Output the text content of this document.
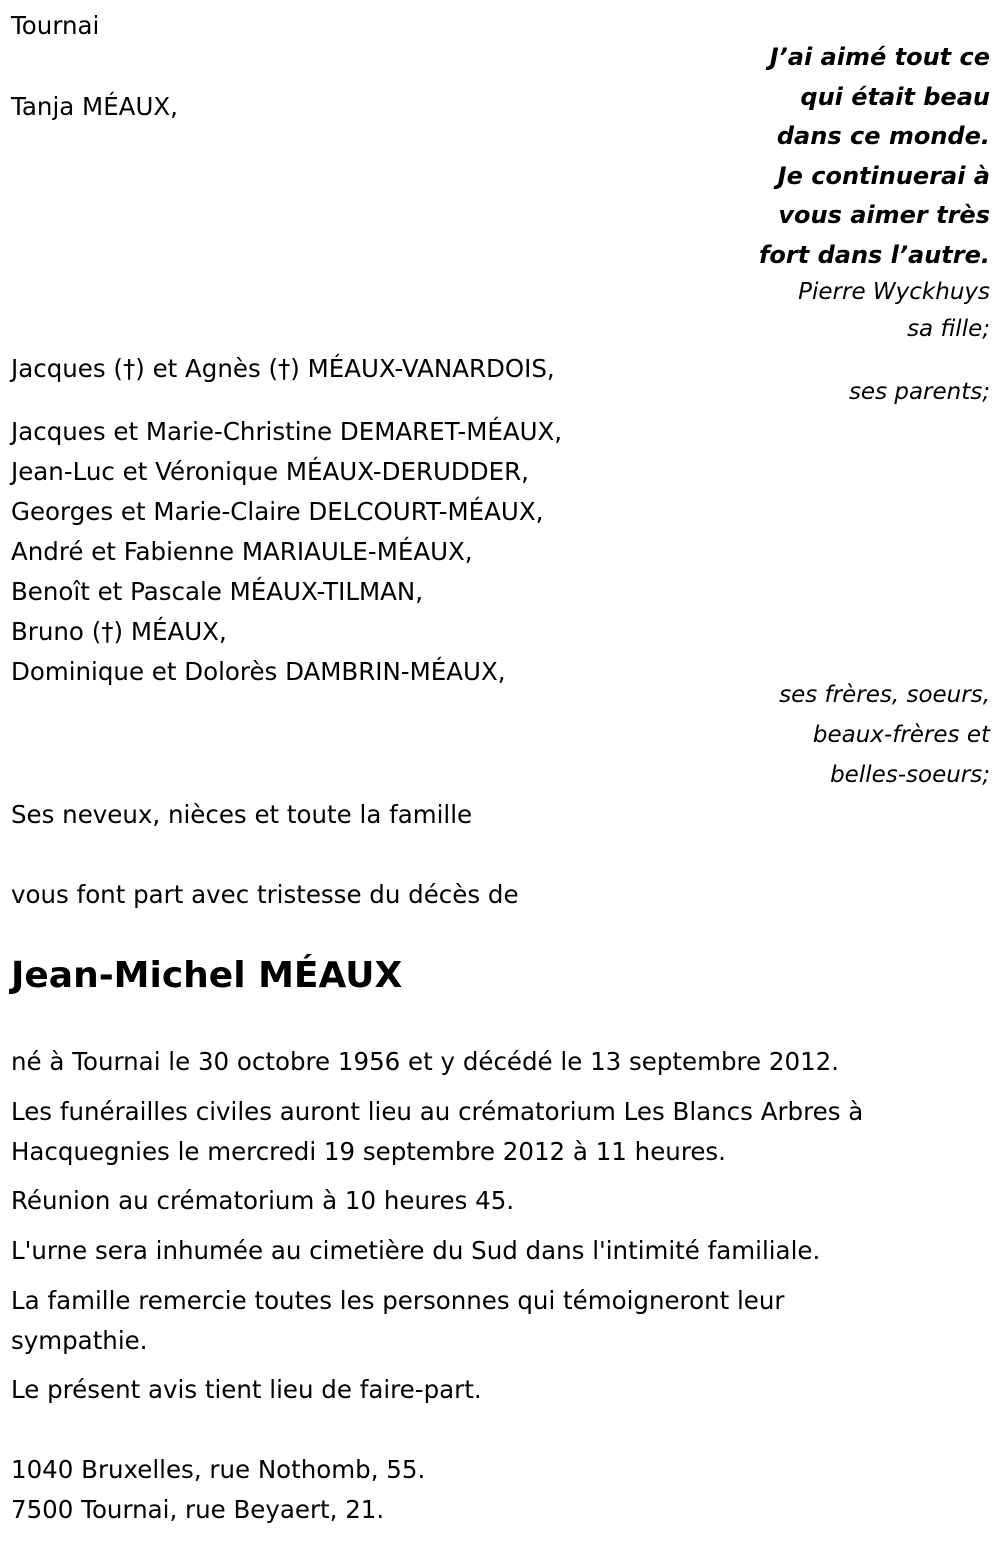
Tournai
Tanja MÉAUX,
J’ai aimé tout ce
qui était beau
dans ce monde.
Je continuerai à
vous aimer très
fort dans l’autre.
Pierre Wyckhuys
sa fille;
Jacques (†) et Agnès (†) MÉAUX-VANARDOIS,
ses parents;
Jacques et Marie-Christine DEMARET-MÉAUX,
Jean-Luc et Véronique MÉAUX-DERUDDER,
Georges et Marie-Claire DELCOURT-MÉAUX,
André et Fabienne MARIAULE-MÉAUX,
Benoît et Pascale MÉAUX-TILMAN,
Bruno (†) MÉAUX,
Dominique et Dolorès DAMBRIN-MÉAUX,
ses frères, soeurs,
beaux-frères et
belles-soeurs;
Ses neveux, nièces et toute la famille
vous font part avec tristesse du décès de
Jean-Michel MÉAUX
né à Tournai le 30 octobre 1956 et y décédé le 13 septembre 2012.
Les funérailles civiles auront lieu au crématorium Les Blancs Arbres à Hacquegnies le mercredi 19 septembre 2012 à 11 heures.
Réunion au crématorium à 10 heures 45.
L'urne sera inhumée au cimetière du Sud dans l'intimité familiale.
La famille remercie toutes les personnes qui témoigneront leur sympathie.
Le présent avis tient lieu de faire-part.
1040 Bruxelles, rue Nothomb, 55.
7500 Tournai, rue Beyaert, 21.
